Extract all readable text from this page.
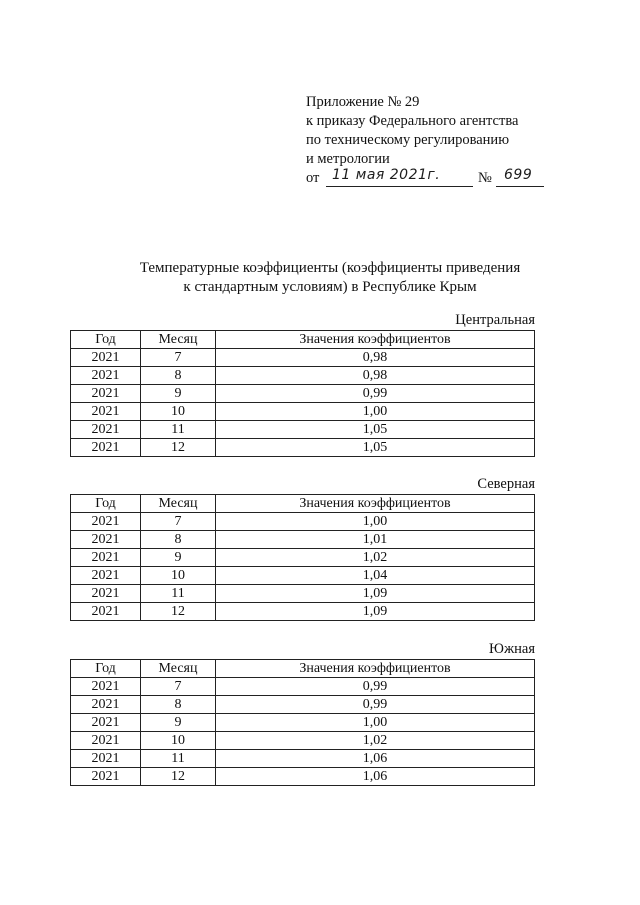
Приложение № 29
к приказу Федерального агентства
по техническому регулированию
и метрологии
от 11 мая 2021г.	№ 699
Температурные коэффициенты (коэффициенты приведения
к стандартным условиям) в Республике Крым
Центральная
Год	Месяц	Значения коэффициентов
2021	7	0,98
2021	8	0,98
2021	9	0,99
2021	10	1,00
2021	11	1,05
2021	12	1,05
Северная
Год	Месяц	Значения коэффициентов
2021	7	1,00
2021	8	1,01
2021	9	1,02
2021	10	1,04
2021	11	1,09
2021	12	1,09
Южная
Год	Месяц	Значения коэффициентов
2021	7	0,99
2021	8	0,99
2021	9	1,00
2021	10	1,02
2021	11	1,06
2021	12	1,06
